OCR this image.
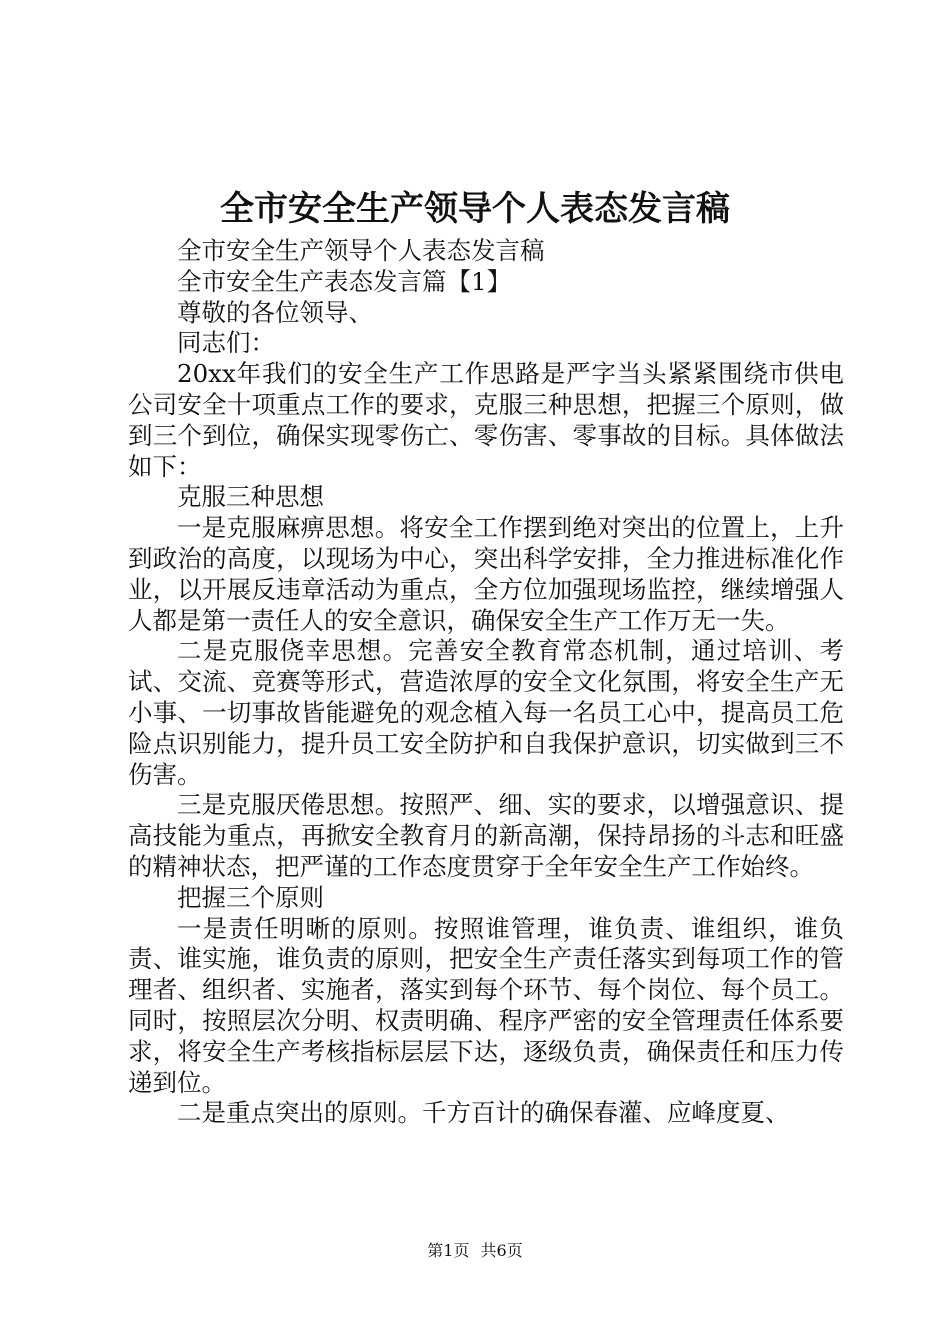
全市安全生产领导个人表态发言稿

全市安全生产领导个人表态发言稿

全市安全生产表态发言篇【1】

尊敬的各位领导、

同志们：

20xx年我们的安全生产工作思路是严字当头紧紧围绕市供电公司安全十项重点工作的要求，克服三种思想，把握三个原则，做到三个到位，确保实现零伤亡、零伤害、零事故的目标。具体做法如下：

克服三种思想

一是克服麻痹思想。将安全工作摆到绝对突出的位置上，上升到政治的高度，以现场为中心，突出科学安排，全力推进标准化作业，以开展反违章活动为重点，全方位加强现场监控，继续增强人人都是第一责任人的安全意识，确保安全生产工作万无一失。

二是克服侥幸思想。完善安全教育常态机制，通过培训、考试、交流、竞赛等形式，营造浓厚的安全文化氛围，将安全生产无小事、一切事故皆能避免的观念植入每一名员工心中，提高员工危险点识别能力，提升员工安全防护和自我保护意识，切实做到三不伤害。

三是克服厌倦思想。按照严、细、实的要求，以增强意识、提高技能为重点，再掀安全教育月的新高潮，保持昂扬的斗志和旺盛的精神状态，把严谨的工作态度贯穿于全年安全生产工作始终。

把握三个原则

一是责任明晰的原则。按照谁管理，谁负责、谁组织，谁负责、谁实施，谁负责的原则，把安全生产责任落实到每项工作的管理者、组织者、实施者，落实到每个环节、每个岗位、每个员工。同时，按照层次分明、权责明确、程序严密的安全管理责任体系要求，将安全生产考核指标层层下达，逐级负责，确保责任和压力传递到位。

二是重点突出的原则。千方百计的确保春灌、应峰度夏、

第1页 共6页
